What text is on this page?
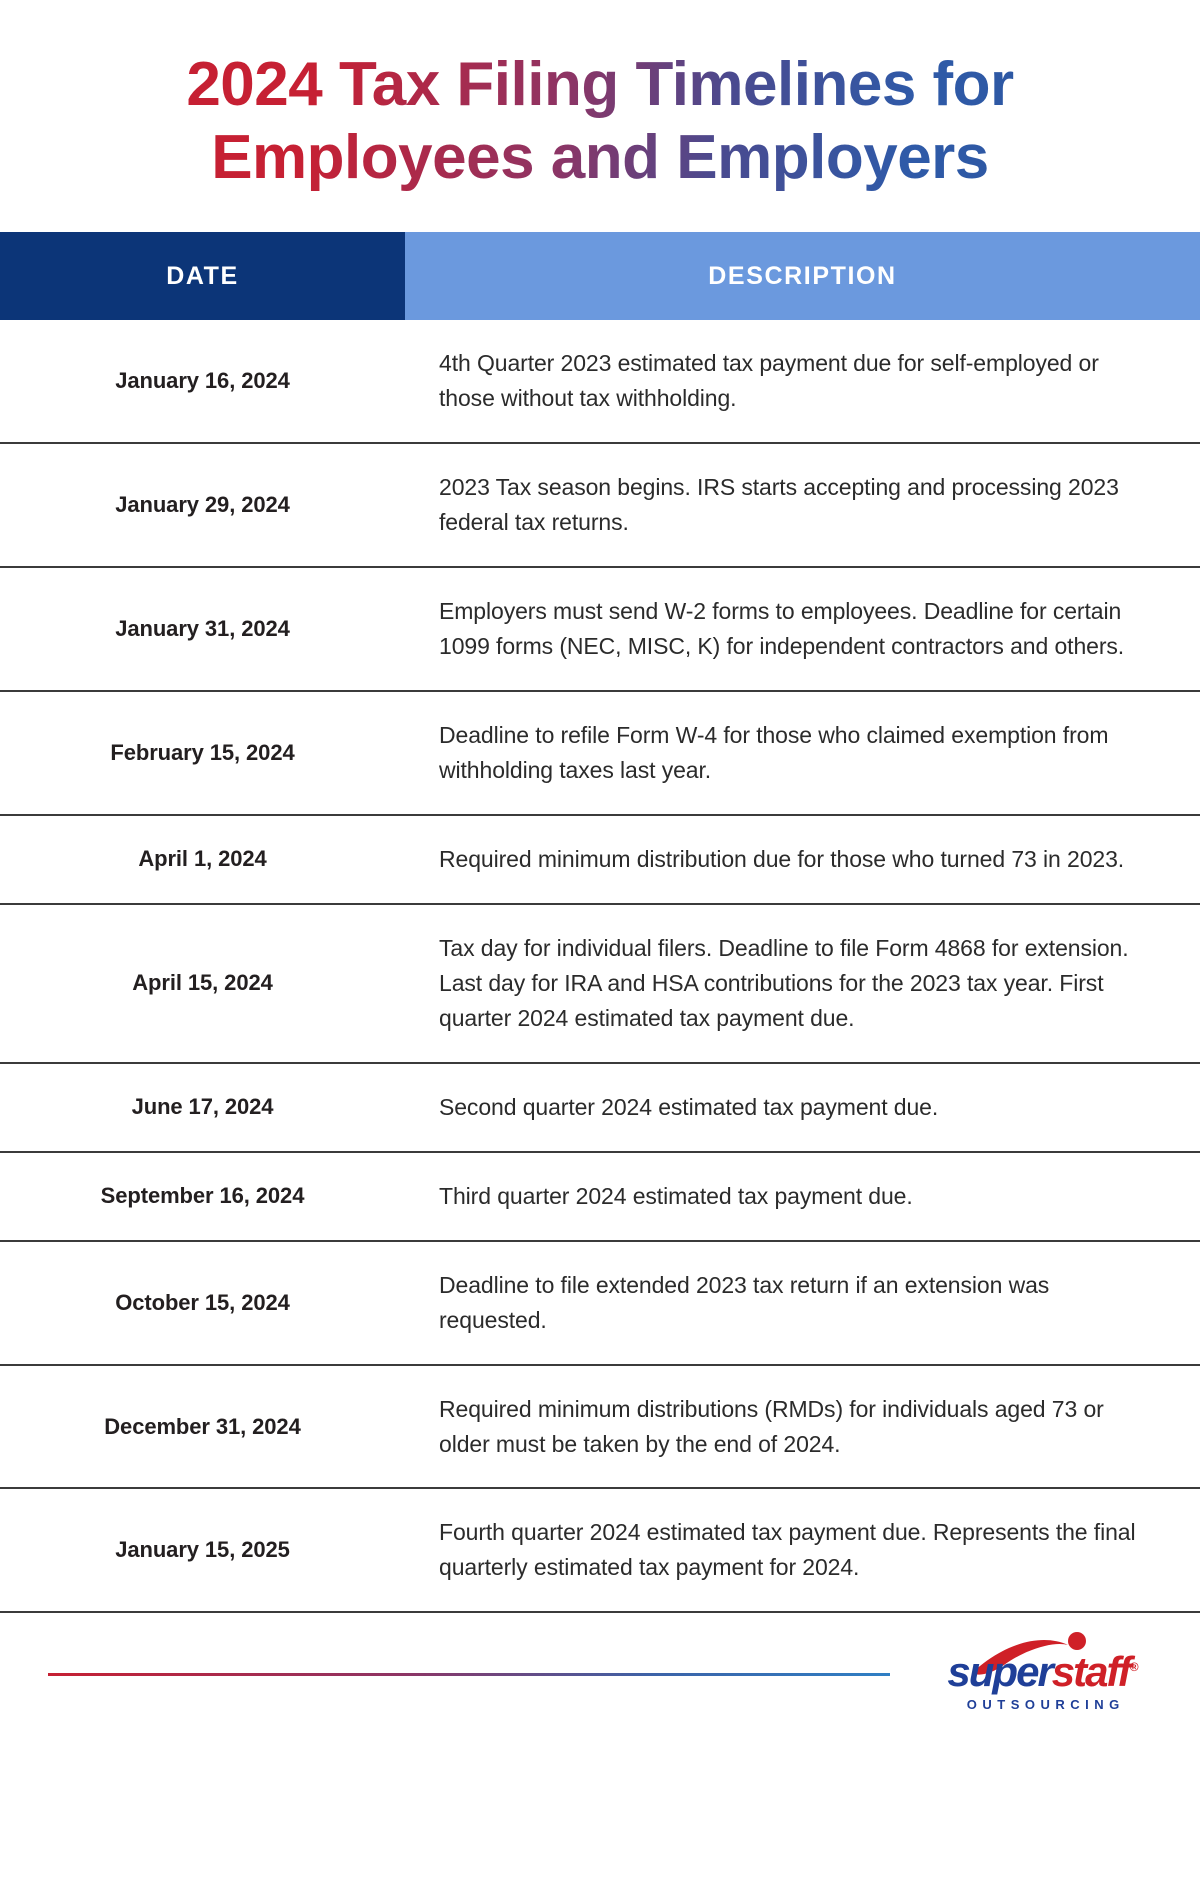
2024 Tax Filing Timelines for Employees and Employers
DATE	DESCRIPTION
January 16, 2024	4th Quarter 2023 estimated tax payment due for self-employed or those without tax withholding.
January 29, 2024	2023 Tax season begins. IRS starts accepting and processing 2023 federal tax returns.
January 31, 2024	Employers must send W-2 forms to employees. Deadline for certain 1099 forms (NEC, MISC, K) for independent contractors and others.
February 15, 2024	Deadline to refile Form W-4 for those who claimed exemption from withholding taxes last year.
April 1, 2024	Required minimum distribution due for those who turned 73 in 2023.
April 15, 2024	Tax day for individual filers. Deadline to file Form 4868 for extension. Last day for IRA and HSA contributions for the 2023 tax year. First quarter 2024 estimated tax payment due.
June 17, 2024	Second quarter 2024 estimated tax payment due.
September 16, 2024	Third quarter 2024 estimated tax payment due.
October 15, 2024	Deadline to file extended 2023 tax return if an extension was requested.
December 31, 2024	Required minimum distributions (RMDs) for individuals aged 73 or older must be taken by the end of 2024.
January 15, 2025	Fourth quarter 2024 estimated tax payment due. Represents the final quarterly estimated tax payment for 2024.
superstaff®
OUTSOURCING
